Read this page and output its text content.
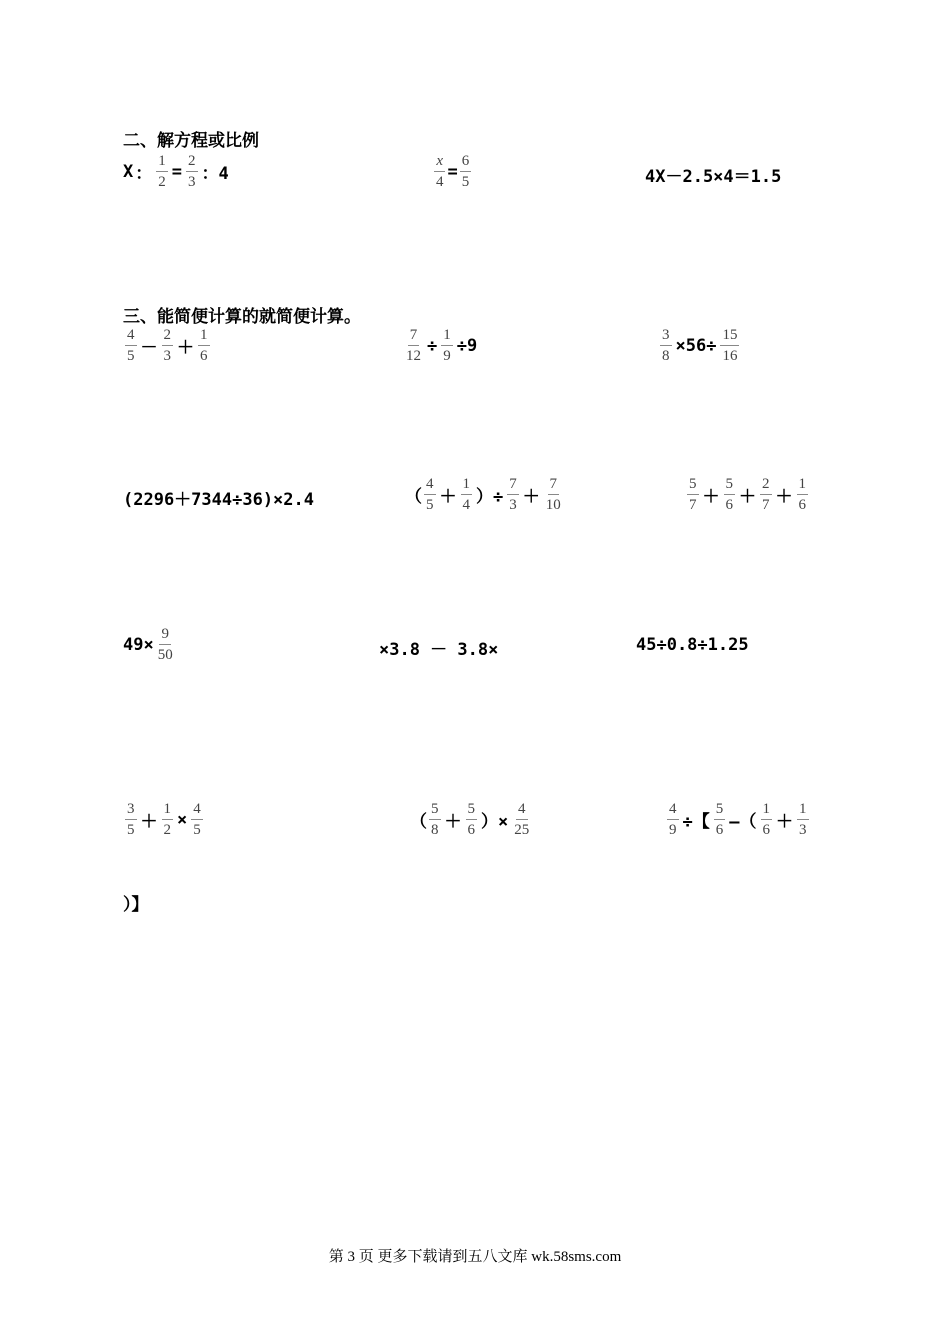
二、解方程或比例
X ： $\frac{1}{2} = \frac{2}{3}$ ：4	$\frac{x}{4} = \frac{6}{5}$	4X－2.5×4＝1.5
三、能简便计算的就简便计算。
$\frac{4}{5} - \frac{2}{3} + \frac{1}{6}$	$\frac{7}{12} \div \frac{1}{9} \div 9$	$\frac{3}{8} \times 56\div \frac{15}{16}$
(2296＋7344÷36)×2.4	（ $\frac{4}{5} + \frac{1}{4}$ ）÷ $\frac{7}{3} + \frac{7}{10}$	$\frac{5}{7} + \frac{5}{6} + \frac{2}{7} + \frac{1}{6}$
$49\times \frac{9}{50}$	×3.8 － 3.8×	45÷0.8÷1.25
$\frac{3}{5} + \frac{1}{2} \times \frac{4}{5}$	（ $\frac{5}{8} + \frac{5}{6}$ ）× $\frac{4}{25}$	$\frac{4}{9}$ ÷【 $\frac{5}{6}$ —（ $\frac{1}{6} + \frac{1}{3}$
）】
第 3 页 更多下载请到五八文库 wk.58sms.com
